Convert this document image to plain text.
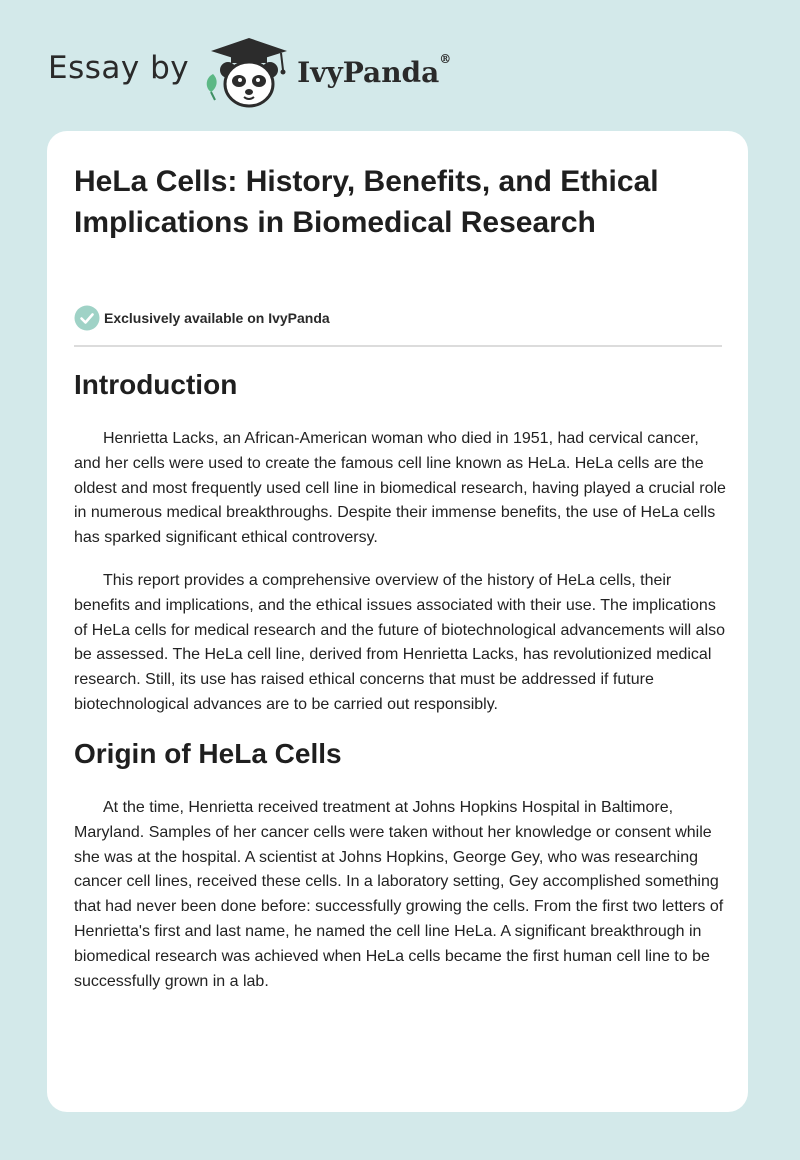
Essay by	IvyPanda®
HeLa Cells: History, Benefits, and Ethical Implications in Biomedical Research
Exclusively available on IvyPanda
Introduction

Henrietta Lacks, an African-American woman who died in 1951, had cervical cancer, and her cells were used to create the famous cell line known as HeLa. HeLa cells are the oldest and most frequently used cell line in biomedical research, having played a crucial role in numerous medical breakthroughs. Despite their immense benefits, the use of HeLa cells has sparked significant ethical controversy.

This report provides a comprehensive overview of the history of HeLa cells, their benefits and implications, and the ethical issues associated with their use. The implications of HeLa cells for medical research and the future of biotechnological advancements will also be assessed. The HeLa cell line, derived from Henrietta Lacks, has revolutionized medical research. Still, its use has raised ethical concerns that must be addressed if future biotechnological advances are to be carried out responsibly.

Origin of HeLa Cells

At the time, Henrietta received treatment at Johns Hopkins Hospital in Baltimore, Maryland. Samples of her cancer cells were taken without her knowledge or consent while she was at the hospital. A scientist at Johns Hopkins, George Gey, who was researching cancer cell lines, received these cells. In a laboratory setting, Gey accomplished something that had never been done before: successfully growing the cells. From the first two letters of Henrietta's first and last name, he named the cell line HeLa. A significant breakthrough in biomedical research was achieved when HeLa cells became the first human cell line to be successfully grown in a lab.
